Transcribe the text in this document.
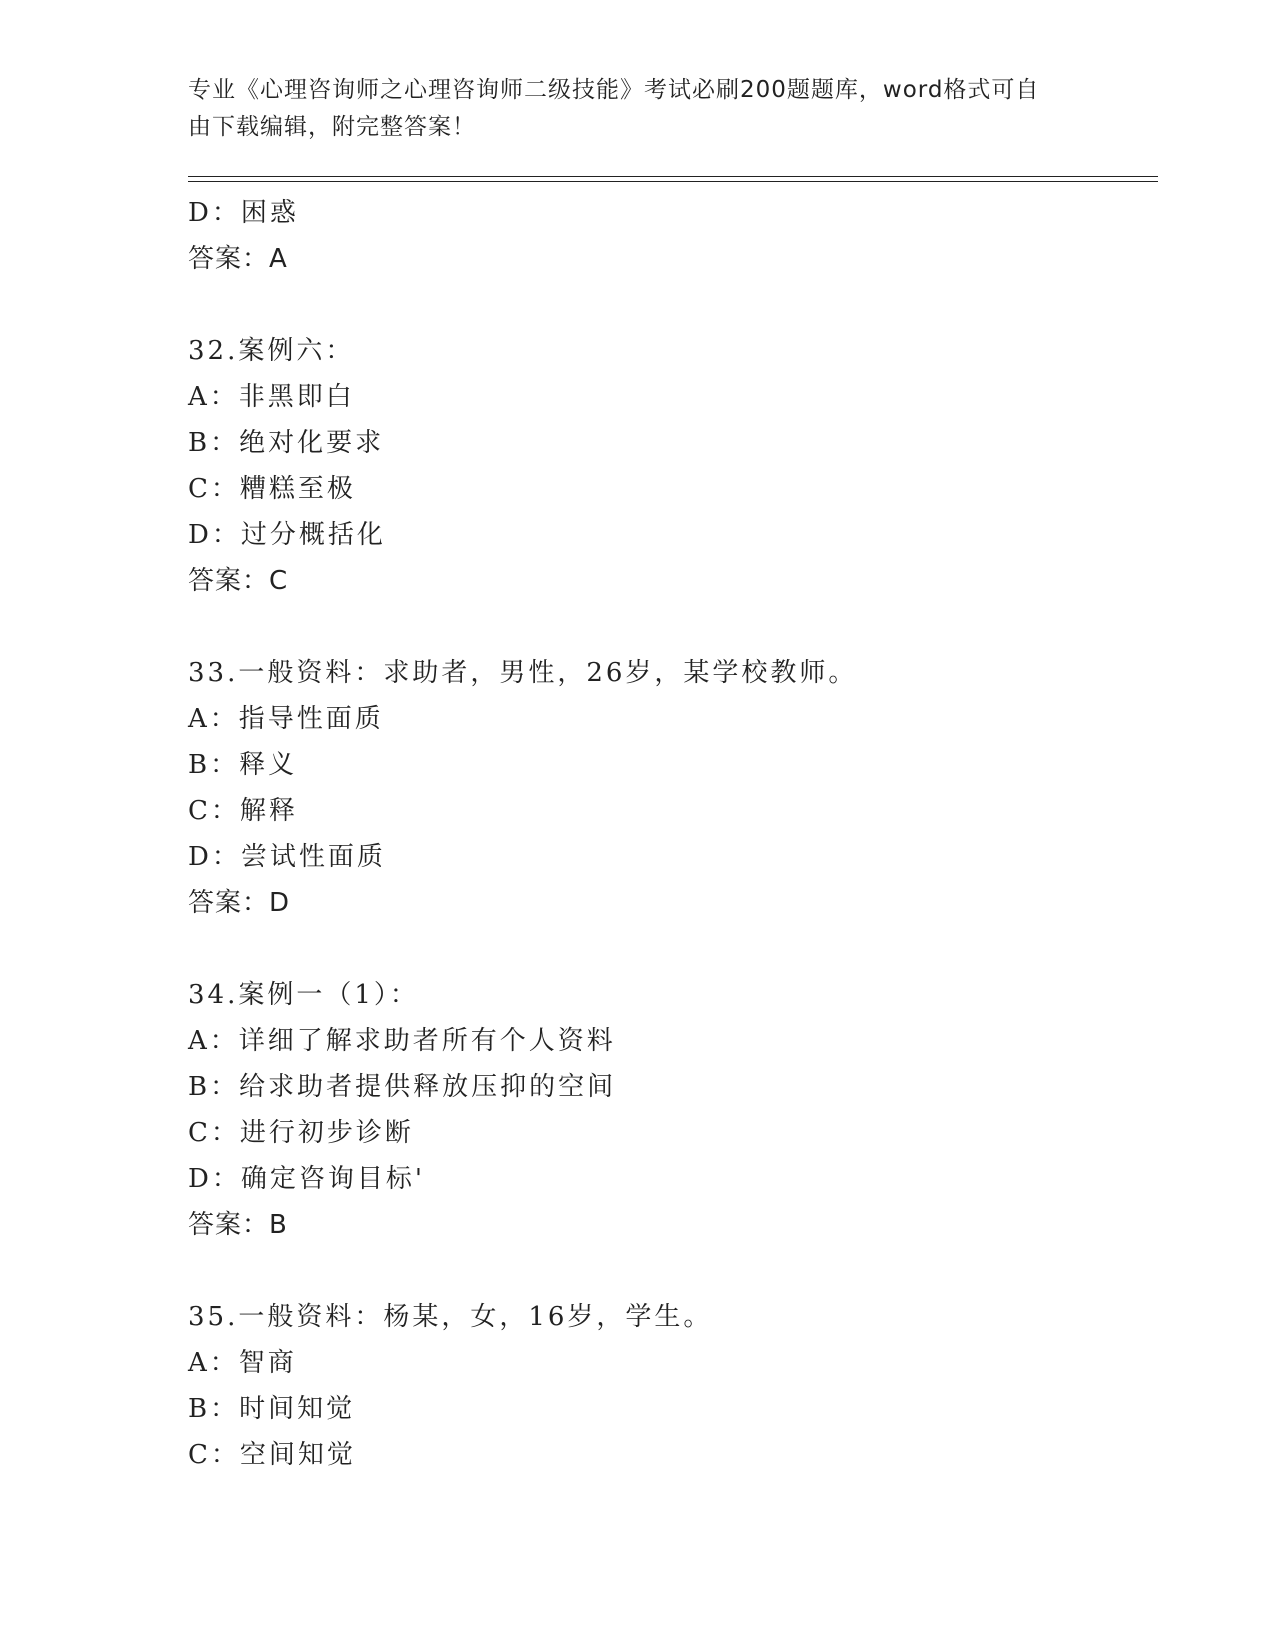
专业《心理咨询师之心理咨询师二级技能》考试必刷200题题库，word格式可自
由下载编辑，附完整答案！
D：困惑
答案：A
32.案例六：
A：非黑即白
B：绝对化要求
C：糟糕至极
D：过分概括化
答案：C
33.一般资料：求助者，男性，26岁，某学校教师。
A：指导性面质
B：释义
C：解释
D：尝试性面质
答案：D
34.案例一（1）：
A：详细了解求助者所有个人资料
B：给求助者提供释放压抑的空间
C：进行初步诊断
D：确定咨询目标'
答案：B
35.一般资料：杨某，女，16岁，学生。
A：智商
B：时间知觉
C：空间知觉
